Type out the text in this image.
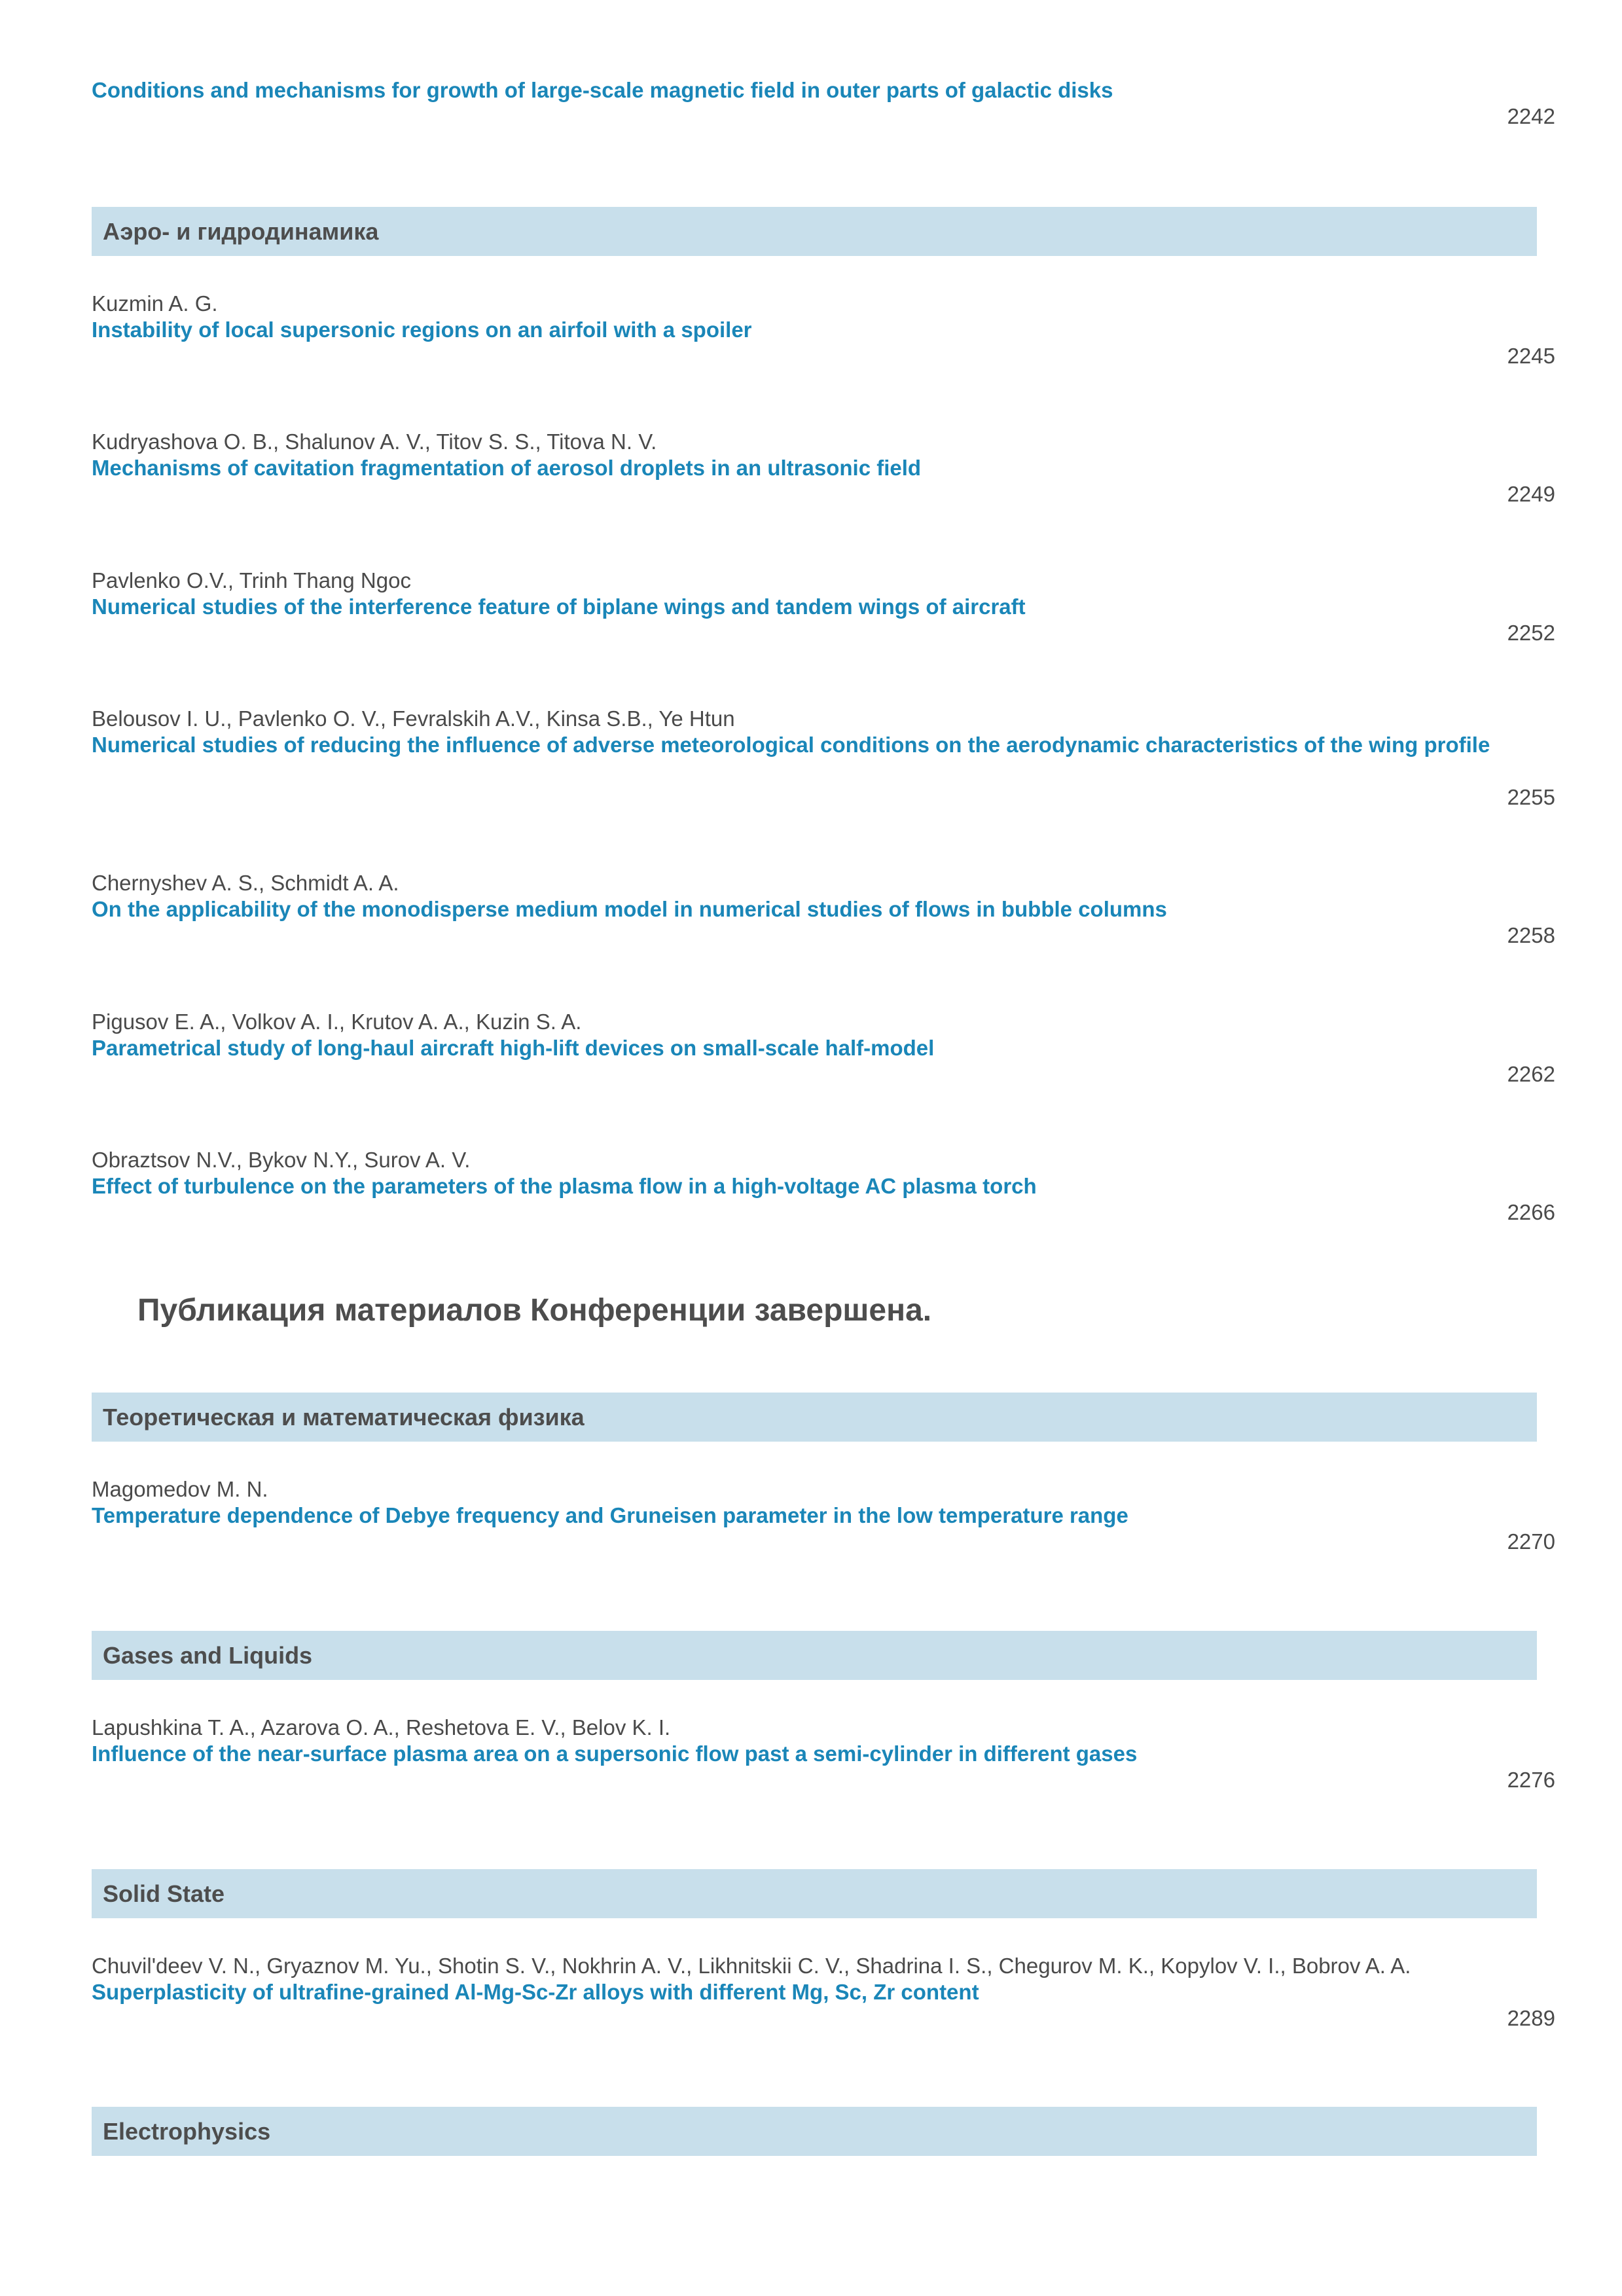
Conditions and mechanisms for growth of large-scale magnetic field in outer parts of galactic disks
2242
Аэро- и гидродинамика
Kuzmin A. G.
Instability of local supersonic regions on an airfoil with a spoiler
2245
Kudryashova O. B., Shalunov A. V., Titov S. S., Titova N. V.
Mechanisms of cavitation fragmentation of aerosol droplets in an ultrasonic field
2249
Pavlenko O.V., Trinh Thang Ngoc
Numerical studies of the interference feature of biplane wings and tandem wings of aircraft
2252
Belousov I. U., Pavlenko O. V., Fevralskih A.V., Kinsa S.B., Ye Htun
Numerical studies of reducing the influence of adverse meteorological conditions on the aerodynamic characteristics of the wing profile
2255
Chernyshev A. S., Schmidt A. A.
On the applicability of the monodisperse medium model in numerical studies of flows in bubble columns
2258
Pigusov E. A., Volkov A. I., Krutov A. A., Kuzin S. A.
Parametrical study of long-haul aircraft high-lift devices on small-scale half-model
2262
Obraztsov N.V., Bykov N.Y., Surov A. V.
Effect of turbulence on the parameters of the plasma flow in a high-voltage AC plasma torch
2266
Публикация материалов Конференции завершена.
Теоретическая и математическая физика
Magomedov M. N.
Temperature dependence of Debye frequency and Gruneisen parameter in the low temperature range
2270
Gases and Liquids
Lapushkina T. A., Azarova O. A., Reshetova E. V., Belov K. I.
Influence of the near-surface plasma area on a supersonic flow past a semi-cylinder in different gases
2276
Solid State
Chuvil'deev V. N., Gryaznov M. Yu., Shotin S. V., Nokhrin A. V., Likhnitskii C. V., Shadrina I. S., Chegurov M. K., Kopylov V. I., Bobrov A. A.
Superplasticity of ultrafine-grained Al-Mg-Sc-Zr alloys with different Mg, Sc, Zr content
2289
Electrophysics
